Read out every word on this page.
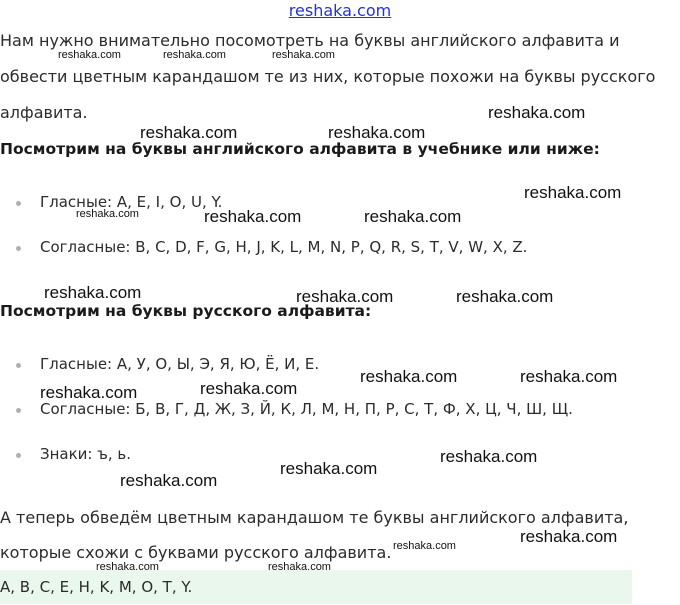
reshaka.com
Нам нужно внимательно посомотреть на буквы английского алфавита и
обвести цветным карандашом те из них, которые похожи на буквы русского
алфавита.
Посмотрим на буквы английского алфавита в учебнике или ниже:
Гласные: A, E, I, O, U, Y.
Согласные: B, C, D, F, G, H, J, K, L, M, N, P, Q, R, S, T, V, W, X, Z.
Посмотрим на буквы русского алфавита:
Гласные: А, У, О, Ы, Э, Я, Ю, Ё, И, Е.
Согласные: Б, В, Г, Д, Ж, З, Й, К, Л, М, Н, П, Р, С, Т, Ф, Х, Ц, Ч, Ш, Щ.
Знаки: ъ, ь.
А теперь обведём цветным карандашом те буквы английского алфавита,
которые схожи с буквами русского алфавита.
A, B, C, E, H, K, M, O, T, Y.
reshaka.com	reshaka.com	reshaka.com
reshaka.com
reshaka.com	reshaka.com
reshaka.com
reshaka.com	reshaka.com	reshaka.com
reshaka.com	reshaka.com	reshaka.com
reshaka.com	reshaka.com
reshaka.com
reshaka.com
reshaka.com
reshaka.com
reshaka.com
reshaka.com
reshaka.com
reshaka.com	reshaka.com
